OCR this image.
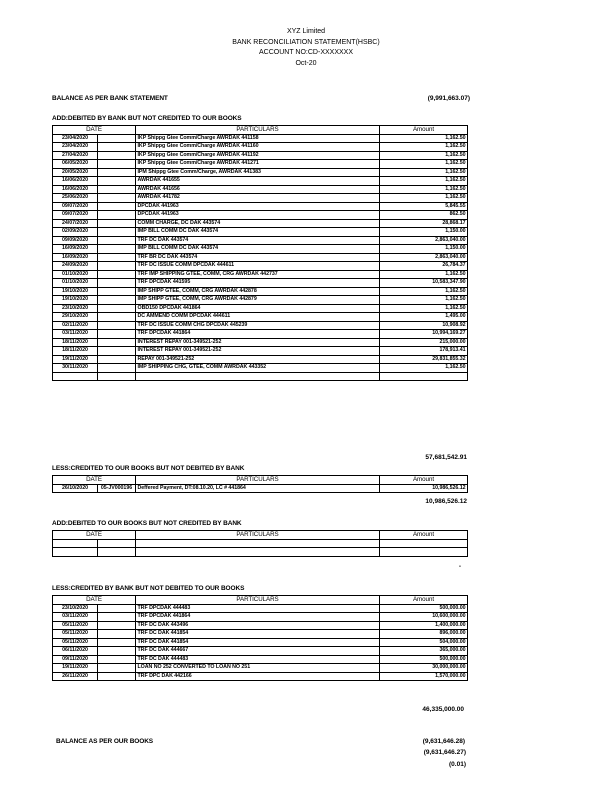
XYZ Limited
BANK RECONCILIATION STATEMENT(HSBC)
ACCOUNT NO:CD-XXXXXXX
Oct-20
BALANCE AS PER BANK STATEMENT	(9,991,663.07)
ADD:DEBITED BY BANK BUT NOT CREDITED TO OUR BOOKS
DATE		PARTICULARS	Amount
23/04/2020		IKP Shippg Gtee Comm/Charge AWRDAK 441158	1,162.50
23/04/2020		IKP Shippg Gtee Comm/Charge AWRDAK 441160	1,162.50
27/04/2020		IKP Shippg Gtee Comm/Charge AWRDAK 441192	1,162.50
06/05/2020		IKP Shippg Gtee Comm/Charge AWRDAK 441271	1,162.50
20/05/2020		IPM Shippg Gtee Comm/Charge, AWRDAK 441383	1,162.50
16/06/2020		AWRDAK 441655	1,162.50
16/06/2020		AWRDAK 441656	1,162.50
25/06/2020		AWRDAK 441782	1,162.50
09/07/2020		DPCDAK 441963	5,845.55
09/07/2020		DPCDAK 441963	862.50
24/07/2020		COMM CHARGE, DC DAK 443574	28,868.17
02/09/2020		IMP BILL COMM DC DAK 443574	1,150.00
09/09/2020		TRF DC DAK 443574	2,863,040.00
16/09/2020		IMP BILL COMM DC DAK 443574	1,150.00
16/09/2020		TRF BR DC DAK 443574	2,863,040.00
24/09/2020		TRF DC ISSUE COMM DPCDAK 444611	26,784.37
01/10/2020		TRF IMP SHIPPING GTEE, COMM, CRG AWRDAK 442737	1,162.50
01/10/2020		TRF DPCDAK 441595	10,583,347.90
19/10/2020		IMP SHIPP GTEE, COMM, CRG AWRDAK 442878	1,162.50
19/10/2020		IMP SHIPP GTEE, COMM, CRG AWRDAK 442879	1,162.50
23/10/2020		OBD150 DPCDAK 441864	1,162.50
29/10/2020		DC AMMEND COMM DPCDAK 444611	1,495.00
02/11/2020		TRF DC ISSUE COMM CHG DPCDAK 445239	10,908.92
03/11/2020		TRF DPCDAK 441864	10,994,169.27
18/11/2020		INTEREST REPAY 001-349521-252	215,000.00
18/11/2020		INTEREST REPAY 001-349521-252	178,913.41
19/11/2020		REPAY 001-349521-252	29,831,855.32
30/11/2020		IMP SHIPPING CHG, GTEE, COMM AWRDAK 443352	1,162.50

57,681,542.91
LESS:CREDITED TO OUR BOOKS BUT NOT DEBITED BY BANK
DATE		PARTICULARS	Amount
26/10/2020	05-JV000196	Deffered Payment, DT:08.10.20, LC # 441864	10,986,526.12
10,986,526.12
ADD:DEBITED TO OUR BOOKS BUT NOT CREDITED BY BANK
DATE		PARTICULARS	Amount

-
LESS:CREDITED BY BANK BUT NOT DEBITED TO OUR BOOKS
DATE		PARTICULARS	Amount
23/10/2020		TRF DPCDAK 444483	500,000.00
03/11/2020		TRF DPCDAK 441864	10,600,000.00
05/11/2020		TRF DC DAK 443496	1,400,000.00
05/11/2020		TRF DC DAK 441854	896,000.00
05/11/2020		TRF DC DAK 441854	504,000.00
06/11/2020		TRF DC DAK 444667	365,000.00
09/11/2020		TRF DC DAK 444483	500,000.00
19/11/2020		LOAN NO 252 CONVERTED TO LOAN NO 251	30,000,000.00
26/11/2020		TRF DPC DAK 442166	1,570,000.00
46,335,000.00
BALANCE AS PER OUR BOOKS	(9,631,646.28)
(9,631,646.27)
(0.01)
